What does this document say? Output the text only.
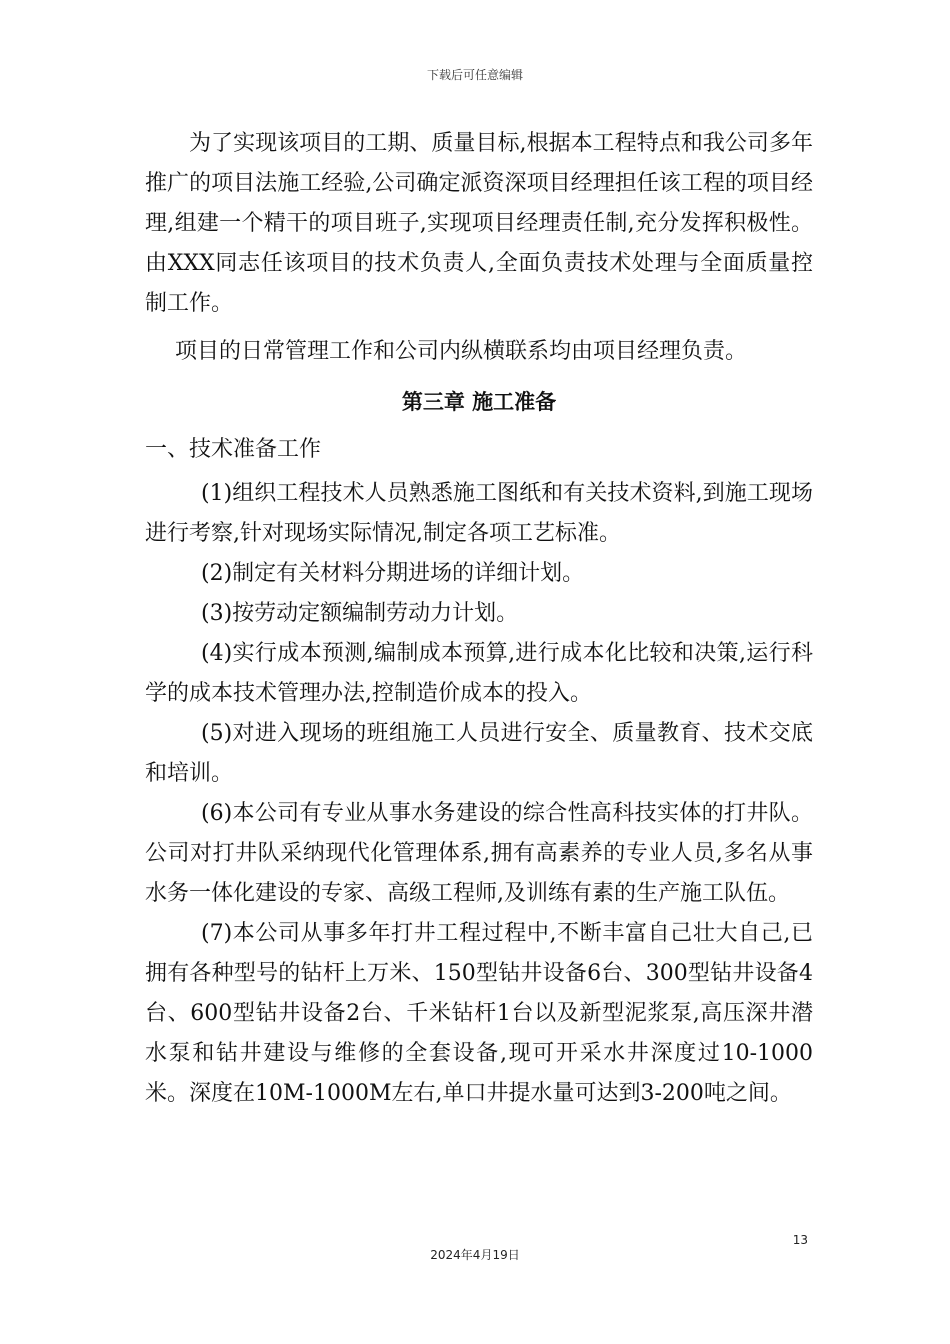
下载后可任意编辑

为了实现该项目的工期、质量目标,根据本工程特点和我公司多年推广的项目法施工经验,公司确定派资深项目经理担任该工程的项目经理,组建一个精干的项目班子,实现项目经理责任制,充分发挥积极性。由XXX同志任该项目的技术负责人,全面负责技术处理与全面质量控制工作。

项目的日常管理工作和公司内纵横联系均由项目经理负责。

第三章 施工准备
一、技术准备工作

(1)组织工程技术人员熟悉施工图纸和有关技术资料,到施工现场进行考察,针对现场实际情况,制定各项工艺标准。

(2)制定有关材料分期进场的详细计划。

(3)按劳动定额编制劳动力计划。

(4)实行成本预测,编制成本预算,进行成本化比较和决策,运行科学的成本技术管理办法,控制造价成本的投入。

(5)对进入现场的班组施工人员进行安全、质量教育、技术交底和培训。

(6)本公司有专业从事水务建设的综合性高科技实体的打井队。公司对打井队采纳现代化管理体系,拥有高素养的专业人员,多名从事水务一体化建设的专家、高级工程师,及训练有素的生产施工队伍。

(7)本公司从事多年打井工程过程中,不断丰富自己壮大自己,已拥有各种型号的钻杆上万米、150型钻井设备6台、300型钻井设备4台、600型钻井设备2台、千米钻杆1台以及新型泥浆泵,高压深井潜水泵和钻井建设与维修的全套设备,现可开采水井深度过10-1000米。深度在10M-1000M左右,单口井提水量可达到3-200吨之间。

13
2024年4月19日
